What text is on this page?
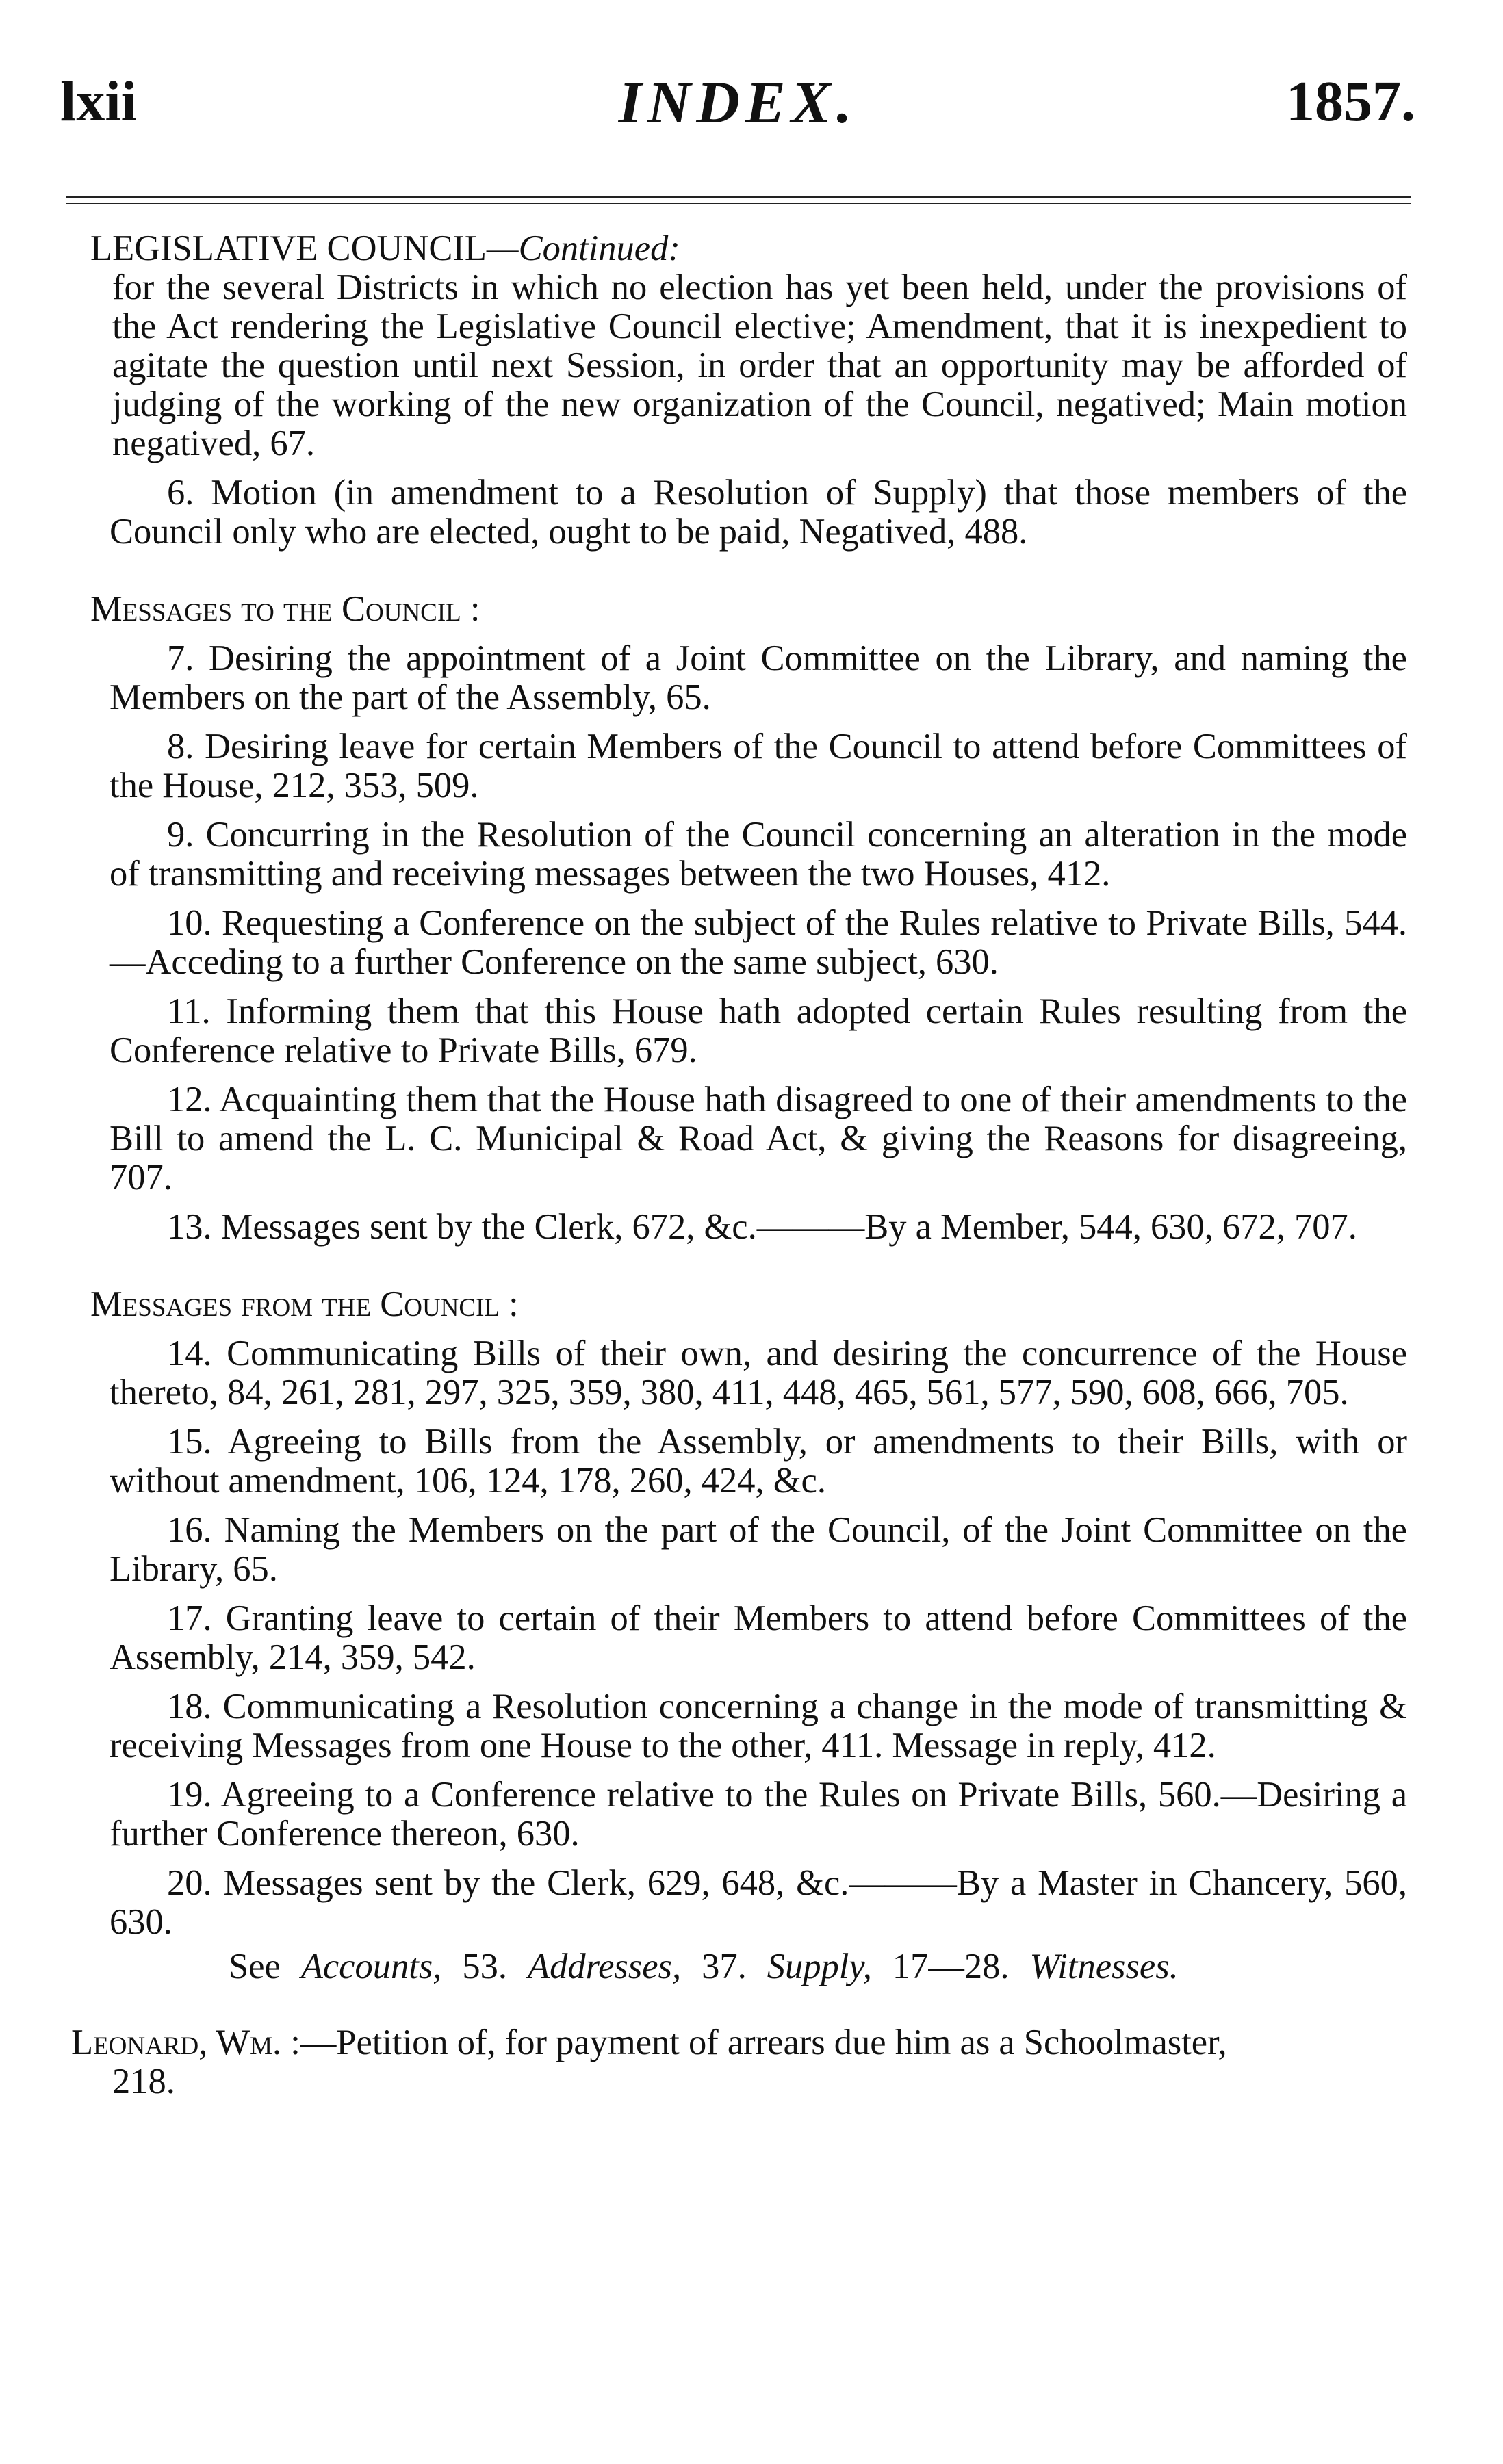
lxii	INDEX.	1857.

LEGISLATIVE COUNCIL—Continued:

for the several Districts in which no election has yet been held, under the provisions of the Act rendering the Legislative Council elective; Amendment, that it is inexpedient to agitate the question until next Session, in order that an opportunity may be afforded of judging of the working of the new organization of the Council, negatived; Main motion negatived, 67.

6. Motion (in amendment to a Resolution of Supply) that those members of the Council only who are elected, ought to be paid, Negatived, 488.

Messages to the Council :

7. Desiring the appointment of a Joint Committee on the Library, and naming the Members on the part of the Assembly, 65.

8. Desiring leave for certain Members of the Council to attend before Committees of the House, 212, 353, 509.

9. Concurring in the Resolution of the Council concerning an alteration in the mode of transmitting and receiving messages between the two Houses, 412.

10. Requesting a Conference on the subject of the Rules relative to Private Bills, 544.—Acceding to a further Conference on the same subject, 630.

11. Informing them that this House hath adopted certain Rules resulting from the Conference relative to Private Bills, 679.

12. Acquainting them that the House hath disagreed to one of their amendments to the Bill to amend the L. C. Municipal & Road Act, & giving the Reasons for disagreeing, 707.

13. Messages sent by the Clerk, 672, &c.———By a Member, 544, 630, 672, 707.

Messages from the Council :

14. Communicating Bills of their own, and desiring the concurrence of the House thereto, 84, 261, 281, 297, 325, 359, 380, 411, 448, 465, 561, 577, 590, 608, 666, 705.

15. Agreeing to Bills from the Assembly, or amendments to their Bills, with or without amendment, 106, 124, 178, 260, 424, &c.

16. Naming the Members on the part of the Council, of the Joint Committee on the Library, 65.

17. Granting leave to certain of their Members to attend before Committees of the Assembly, 214, 359, 542.

18. Communicating a Resolution concerning a change in the mode of transmitting & receiving Messages from one House to the other, 411. Message in reply, 412.

19. Agreeing to a Conference relative to the Rules on Private Bills, 560.—Desiring a further Conference thereon, 630.

20. Messages sent by the Clerk, 629, 648, &c.———By a Master in Chancery, 560, 630.

See Accounts, 53. Addresses, 37. Supply, 17—28. Witnesses.

Leonard, Wm. :—Petition of, for payment of arrears due him as a Schoolmaster,

218.
